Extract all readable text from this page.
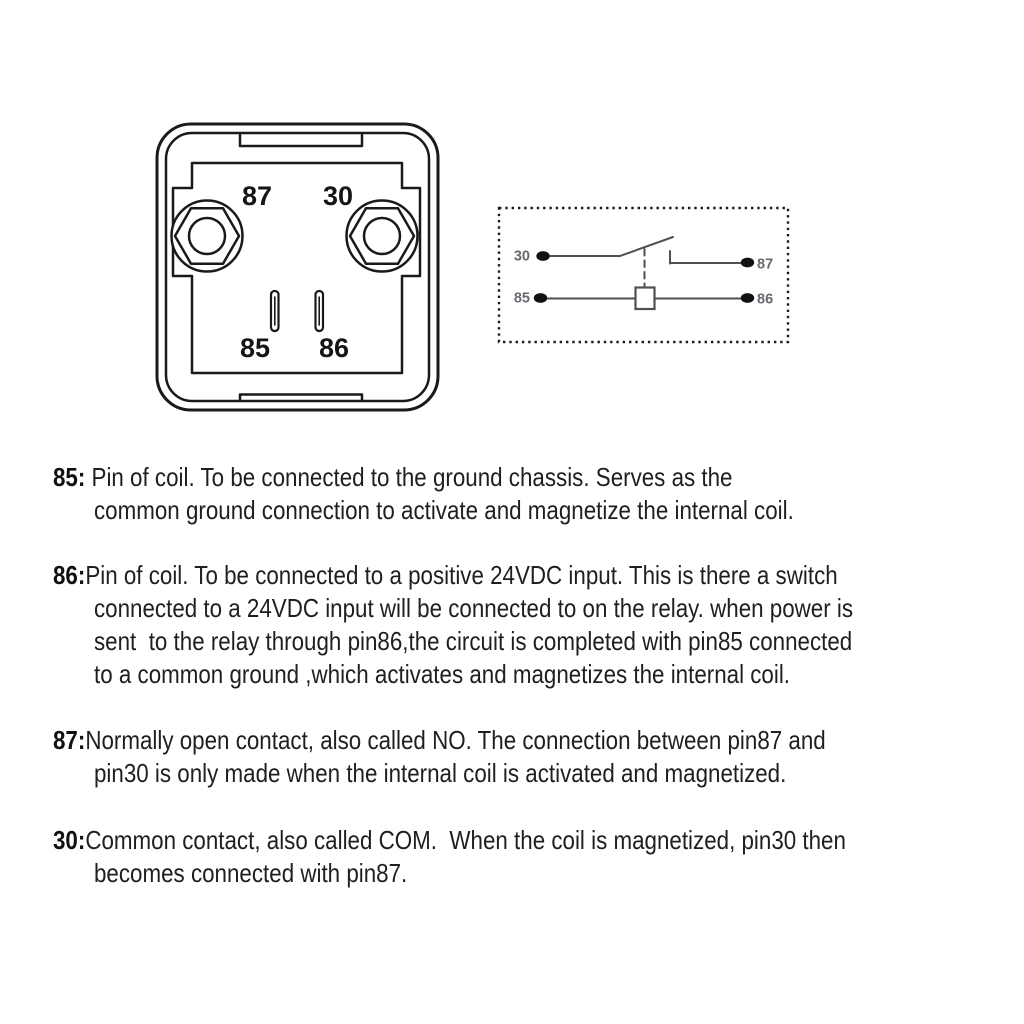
87 30
85 86
30
85
87
86
85: Pin of coil. To be connected to the ground chassis. Serves as the
common ground connection to activate and magnetize the internal coil.
86:Pin of coil. To be connected to a positive 24VDC input. This is there a switch
connected to a 24VDC input will be connected to on the relay. when power is
sent  to the relay through pin86,the circuit is completed with pin85 connected
to a common ground ,which activates and magnetizes the internal coil.
87:Normally open contact, also called NO. The connection between pin87 and
pin30 is only made when the internal coil is activated and magnetized.
30:Common contact, also called COM.  When the coil is magnetized, pin30 then
becomes connected with pin87.
